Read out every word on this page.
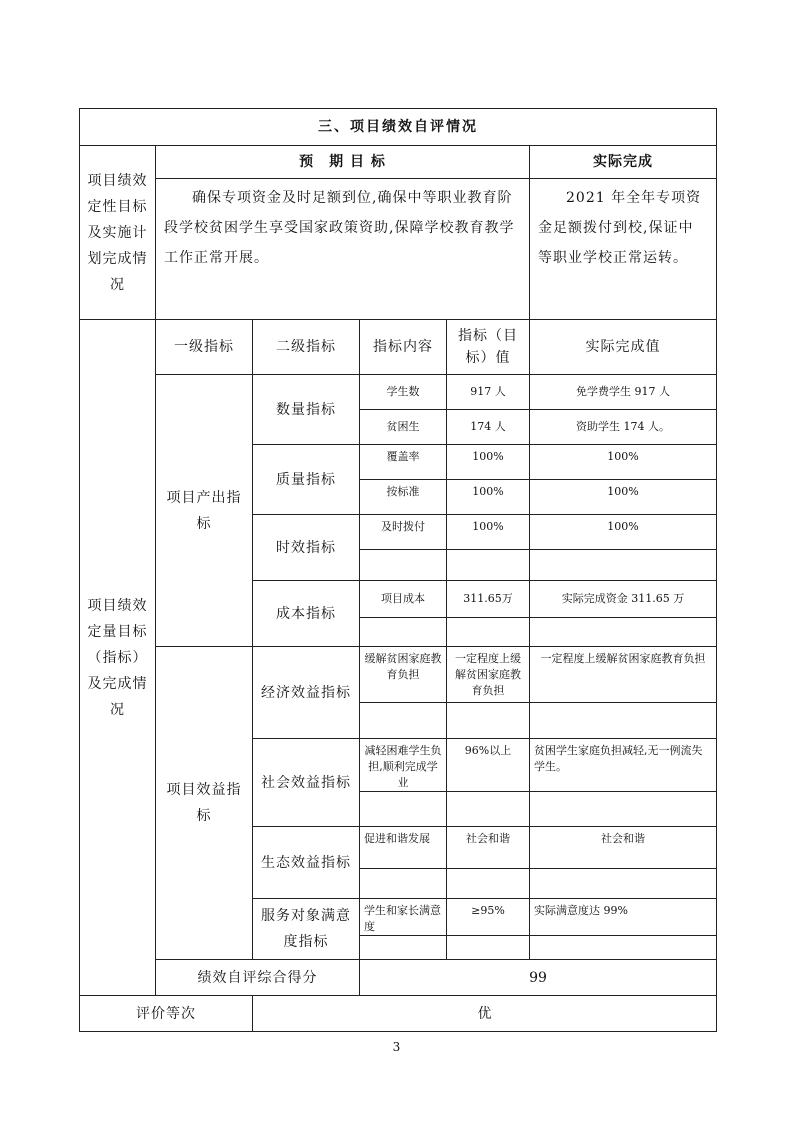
三、项目绩效自评情况					
项目绩效定性目标及实施计划完成情况	预　期 目 标				实际完成
	确保专项资金及时足额到位,确保中等职业教育阶段学校贫困学生享受国家政策资助,保障学校教育教学工作正常开展。				2021 年全年专项资金足额拨付到校,保证中等职业学校正常运转。
项目绩效定量目标（指标）及完成情况	一级指标	二级指标	指标内容	指标（目标）值	实际完成值
	项目产出指标	数量指标	学生数	917 人	免学费学生 917 人
			贫困生	174 人	资助学生 174 人。
		质量指标	覆盖率	100%	100%
			按标准	100%	100%
		时效指标	及时拨付	100%	100%

		成本指标	项目成本	311.65万	实际完成资金 311.65 万

	项目效益指标	经济效益指标	缓解贫困家庭教育负担	一定程度上缓解贫困家庭教育负担	一定程度上缓解贫困家庭教育负担

		社会效益指标	减轻困难学生负担,顺利完成学业	96%以上	贫困学生家庭负担减轻,无一例流失学生。

		生态效益指标	促进和谐发展	社会和谐	社会和谐

		服务对象满意度指标	学生和家长满意度	≥95%	实际满意度达 99%

	绩效自评综合得分		99		
评价等次		优			
3
